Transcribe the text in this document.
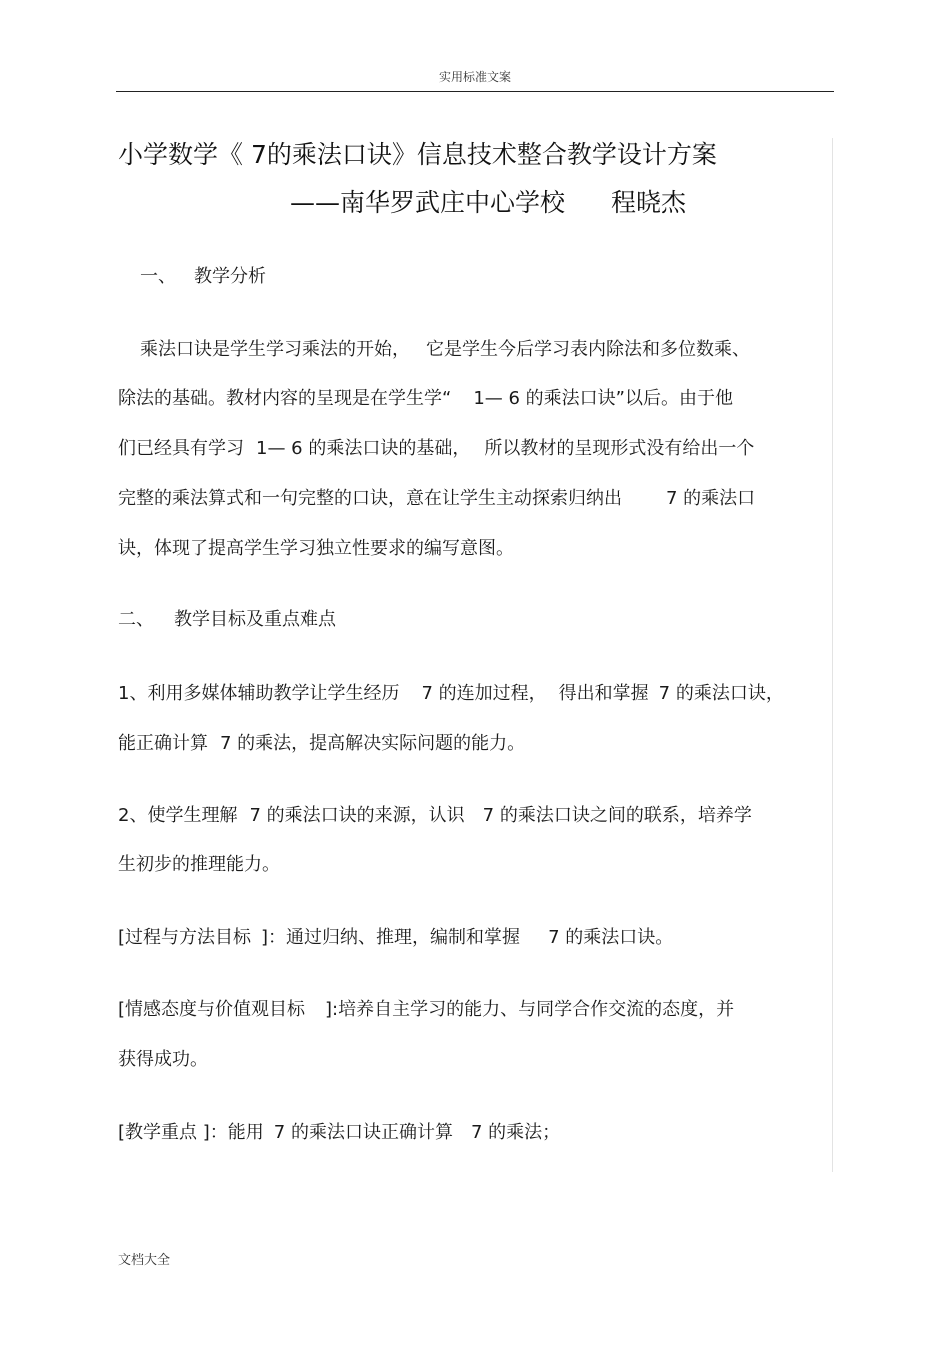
实用标准文案
小学数学《 7的乘法口诀》信息技术整合教学设计方案
——南华罗武庄中心学校 程晓杰
一、 教学分析
乘法口诀是学生学习乘法的开始， 它是学生今后学习表内除法和多位数乘、
除法的基础。教材内容的呈现是在学生学“ 1— 6 的乘法口诀”以后。由于他
们已经具有学习 1— 6 的乘法口诀的基础， 所以教材的呈现形式没有给出一个
完整的乘法算式和一句完整的口诀，意在让学生主动探索归纳出 7 的乘法口
诀，体现了提高学生学习独立性要求的编写意图。
二、 教学目标及重点难点
1、利用多媒体辅助教学让学生经历 7 的连加过程， 得出和掌握 7 的乘法口诀，
能正确计算 7 的乘法，提高解决实际问题的能力。
2、使学生理解 7 的乘法口诀的来源，认识 7 的乘法口诀之间的联系，培养学
生初步的推理能力。
[过程与方法目标 ]：通过归纳、推理，编制和掌握 7 的乘法口诀。
[情感态度与价值观目标 ]:培养自主学习的能力、与同学合作交流的态度，并
获得成功。
[教学重点 ]：能用 7 的乘法口诀正确计算 7 的乘法；
文档大全
